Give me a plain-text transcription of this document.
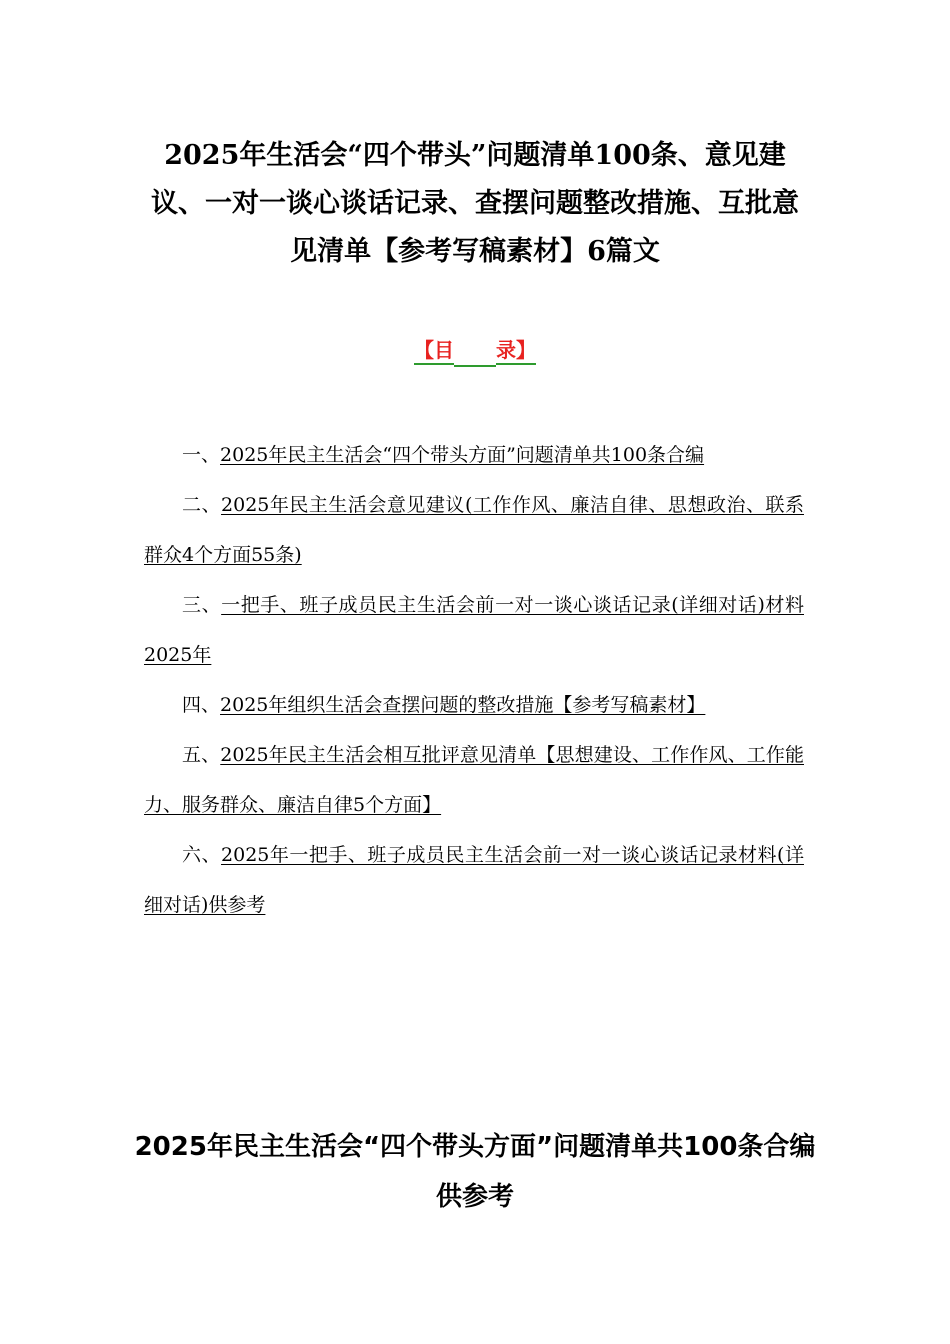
2025年生活会“四个带头”问题清单100条、意见建议、一对一谈心谈话记录、查摆问题整改措施、互批意见清单【参考写稿素材】6篇文
【目 录】
一、2025年民主生活会“四个带头方面”问题清单共100条合编
二、2025年民主生活会意见建议(工作作风、廉洁自律、思想政治、联系群众4个方面55条)
三、一把手、班子成员民主生活会前一对一谈心谈话记录(详细对话)材料2025年
四、2025年组织生活会查摆问题的整改措施【参考写稿素材】
五、2025年民主生活会相互批评意见清单【思想建设、工作作风、工作能力、服务群众、廉洁自律5个方面】
六、2025年一把手、班子成员民主生活会前一对一谈心谈话记录材料(详细对话)供参考
2025年民主生活会“四个带头方面”问题清单共100条合编供参考
